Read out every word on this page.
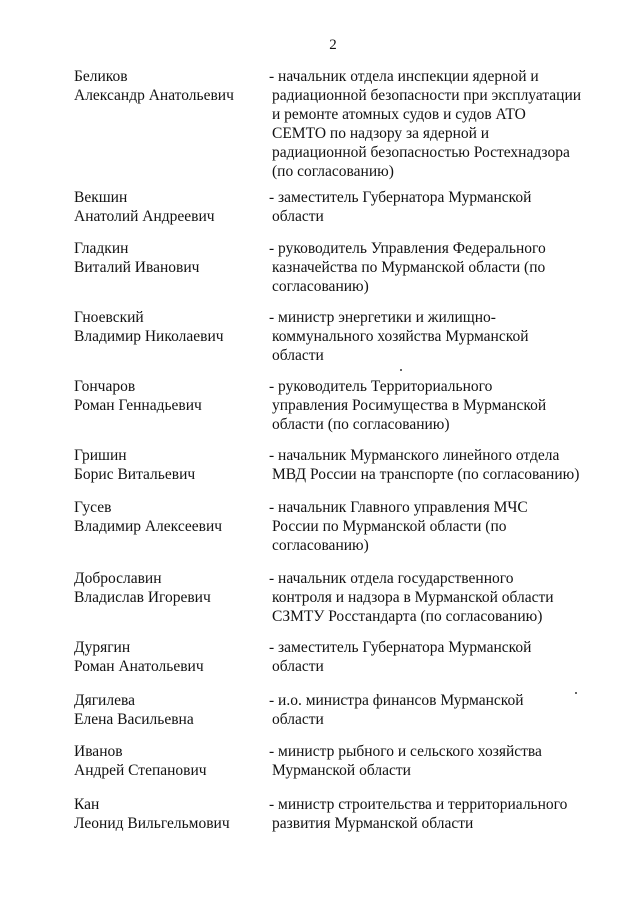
2
Беликов
Александр Анатольевич
- начальник отдела инспекции ядерной и
радиационной безопасности при эксплуатации
и ремонте атомных судов и судов АТО
СЕМТО по надзору за ядерной и
радиационной безопасностью Ростехнадзора
(по согласованию)
Векшин
Анатолий Андреевич
- заместитель Губернатора Мурманской
области
Гладкин
Виталий Иванович
- руководитель Управления Федерального
казначейства по Мурманской области (по
согласованию)
Гноевский
Владимир Николаевич
- министр энергетики и жилищно-
коммунального хозяйства Мурманской
области
Гончаров
Роман Геннадьевич
- руководитель Территориального
управления Росимущества в Мурманской
области (по согласованию)
Гришин
Борис Витальевич
- начальник Мурманского линейного отдела
МВД России на транспорте (по согласованию)
Гусев
Владимир Алексеевич
- начальник Главного управления МЧС
России по Мурманской области (по
согласованию)
Доброславин
Владислав Игоревич
- начальник отдела государственного
контроля и надзора в Мурманской области
СЗМТУ Росстандарта (по согласованию)
Дурягин
Роман Анатольевич
- заместитель Губернатора Мурманской
области
Дягилева
Елена Васильевна
- и.о. министра финансов Мурманской
области
Иванов
Андрей Степанович
- министр рыбного и сельского хозяйства
Мурманской области
Кан
Леонид Вильгельмович
- министр строительства и территориального
развития Мурманской области
